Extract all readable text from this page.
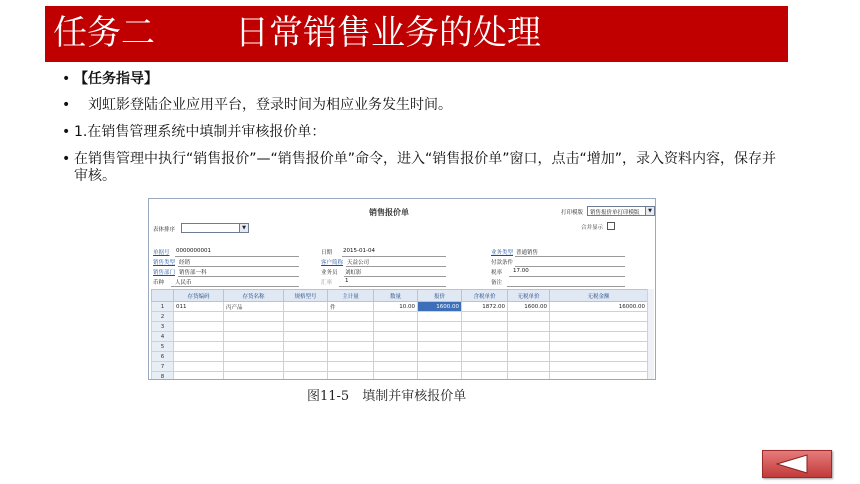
任务二 日常销售业务的处理
• 【任务指导】
• 　刘虹影登陆企业应用平台，登录时间为相应业务发生时间。
• 1.在销售管理系统中填制并审核报价单：
• 在销售管理中执行“销售报价”—“销售报价单”命令，进入“销售报价单”窗口，点击“增加”，录入资料内容，保存并审核。
销售报价单	打印模版 销售报价单打印模版	▼
合并显示
表体排序	▼
单据号 0000000001	日期 2015-01-04	业务类型 普通销售
销售类型 经销	客户简称 天益公司	付款条件
销售部门 销售部一科	业务员 刘虹影	税率 17.00
币种 人民币	汇率 1	备注
	存货编码	存货名称	规格型号	主计量	数量	报价	含税单价	无税单价	无税金额
1	011	丙产品		件	10.00	1600.00	1872.00	1600.00	16000.00
2									
3									
4									
5									
6									
7									
8									
图11-5　填制并审核报价单
